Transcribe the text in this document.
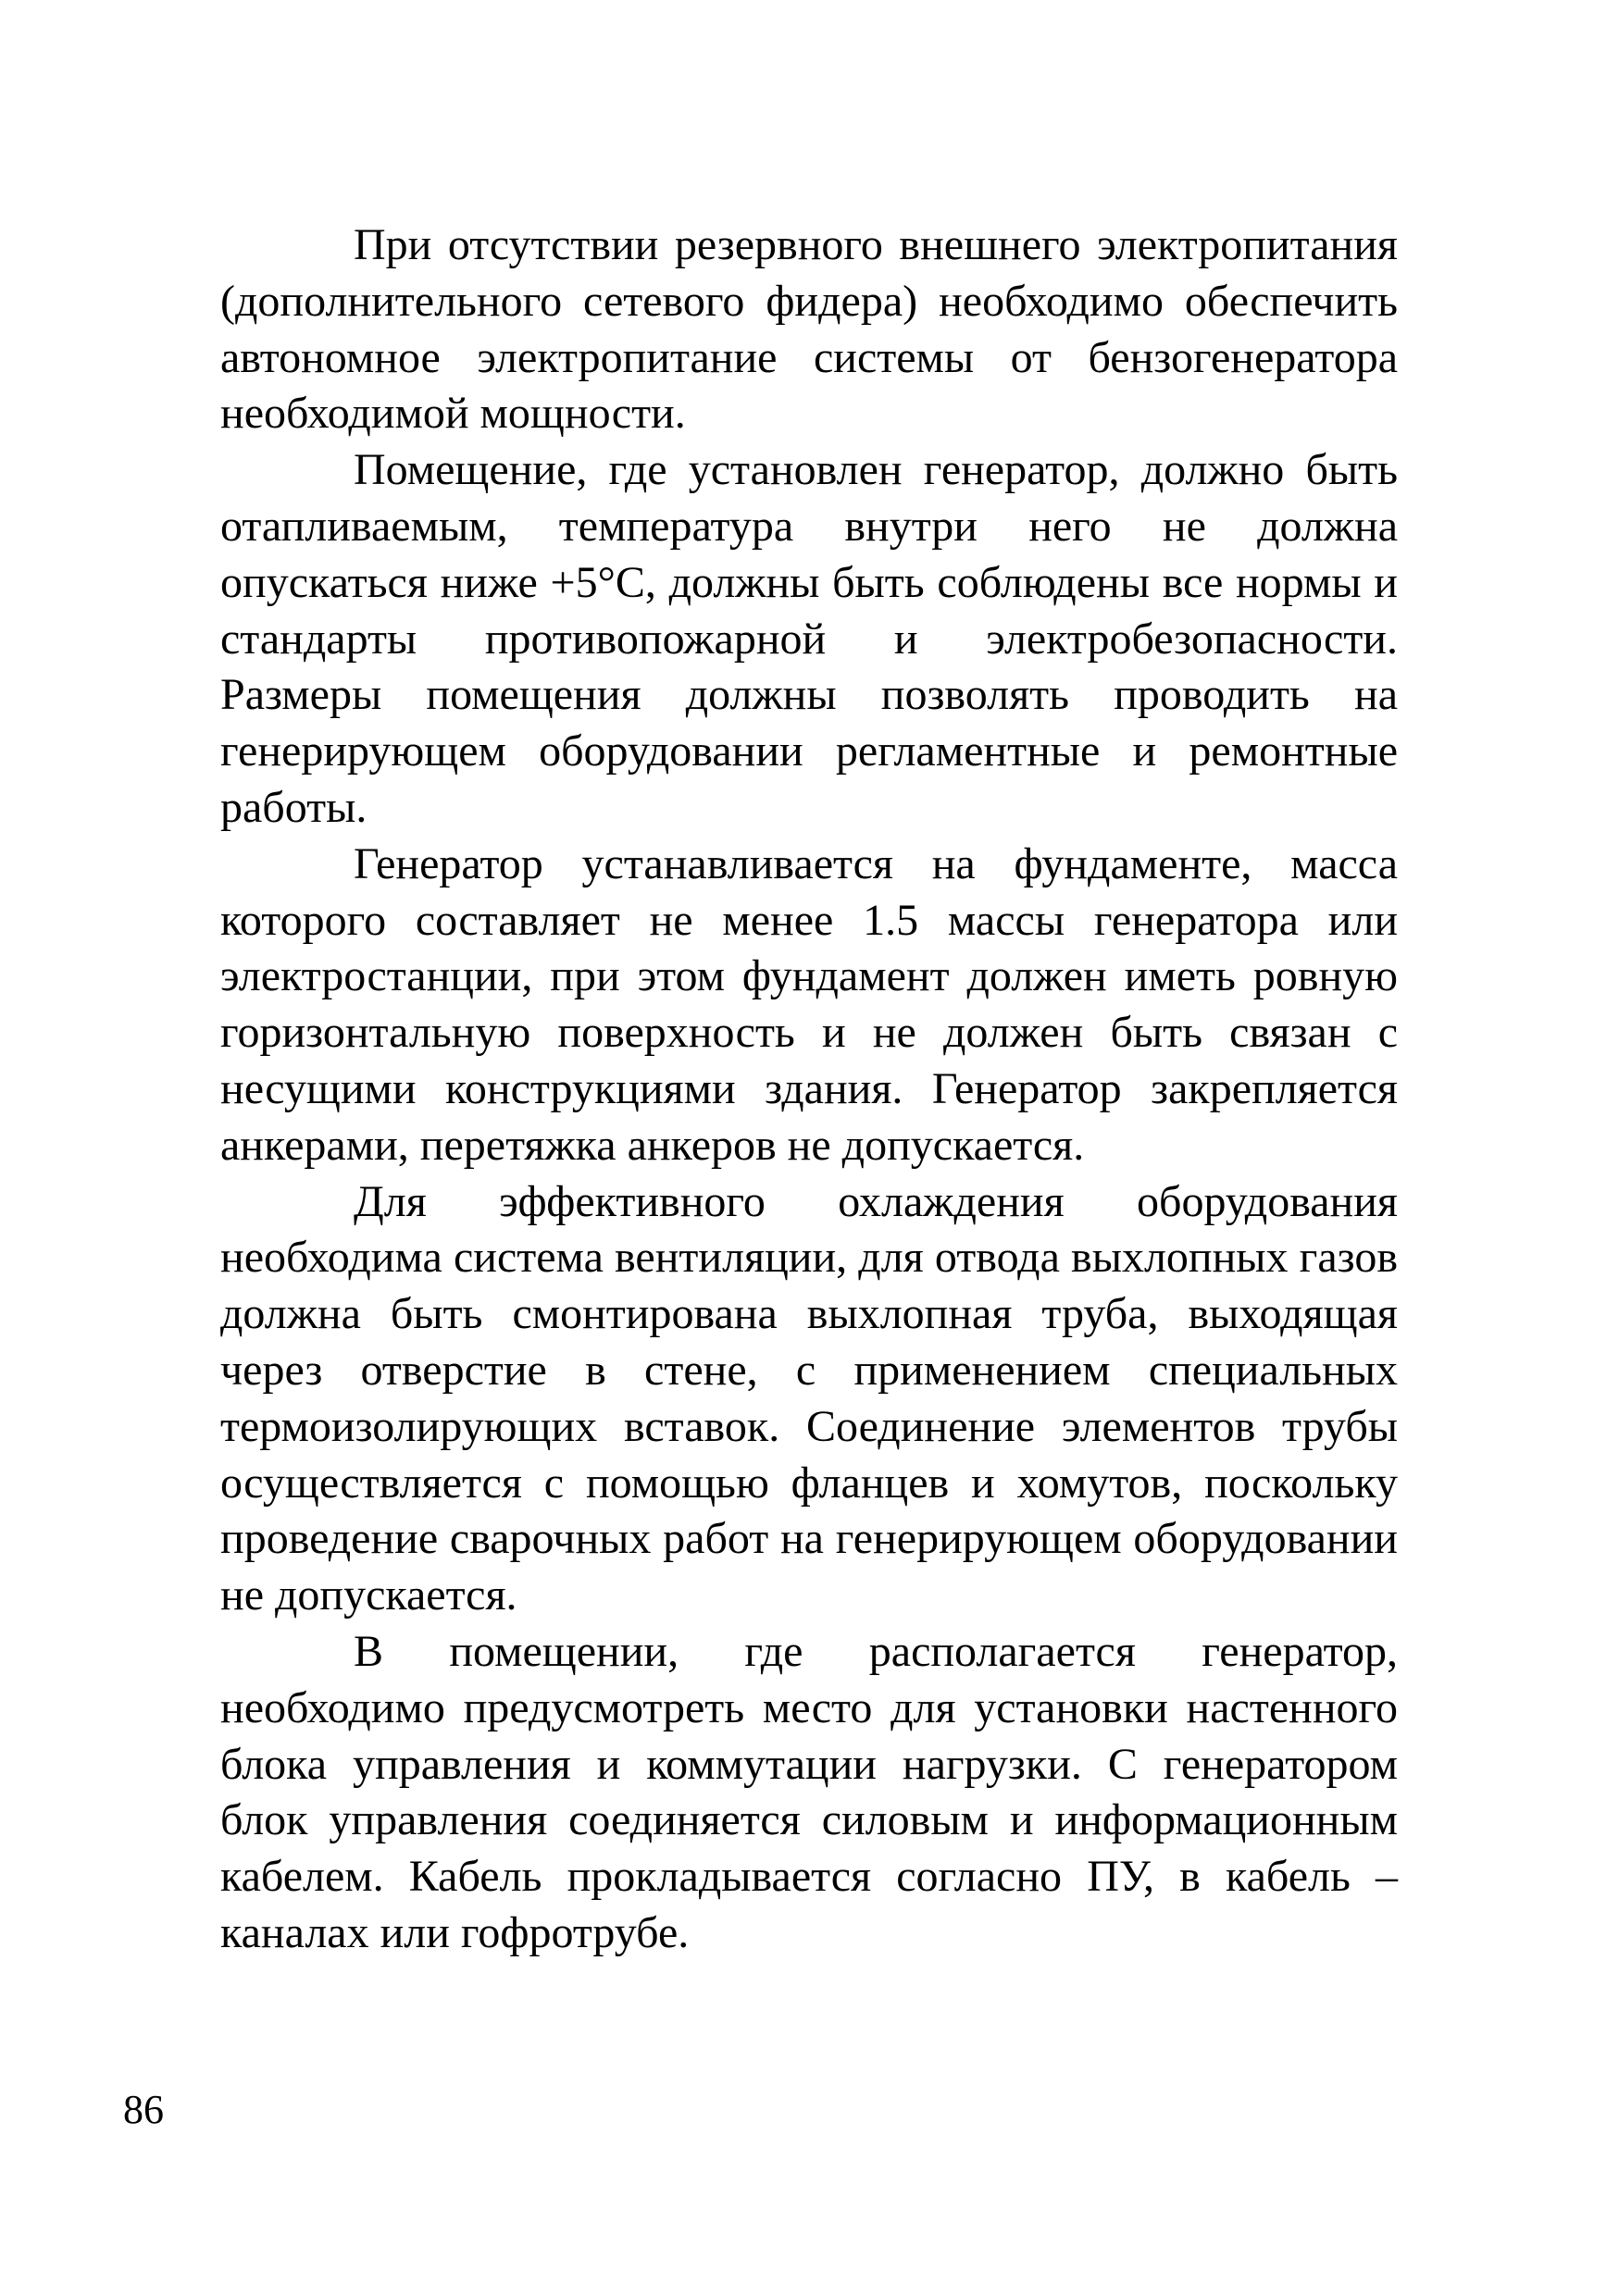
При отсутствии резервного внешнего электропитания (дополнительного сетевого фидера) необходимо обеспечить автономное электропитание системы от бензогенератора необходимой мощности.

Помещение, где установлен генератор, должно быть отапливаемым, температура внутри него не должна опускаться ниже +5°С, должны быть соблюдены все нормы и стандарты противопожарной и электробезопасности. Размеры помещения должны позволять проводить на генерирующем оборудовании регламентные и ремонтные работы.

Генератор устанавливается на фундаменте, масса которого составляет не менее 1.5 массы генератора или электростанции, при этом фундамент должен иметь ровную горизонтальную поверхность и не должен быть связан с несущими конструкциями здания. Генератор закрепляется анкерами, перетяжка анкеров не допускается.

Для эффективного охлаждения оборудования необходима система вентиляции, для отвода выхлопных газов должна быть смонтирована выхлопная труба, выходящая через отверстие в стене, с применением специальных термоизолирующих вставок. Соединение элементов трубы осуществляется с помощью фланцев и хомутов, поскольку проведение сварочных работ на генерирующем оборудовании не допускается.

В помещении, где располагается генератор, необходимо предусмотреть место для установки настенного блока управления и коммутации нагрузки. С генератором блок управления соединяется силовым и информационным кабелем. Кабель прокладывается согласно ПУ, в кабель – каналах или гофротрубе.

86
